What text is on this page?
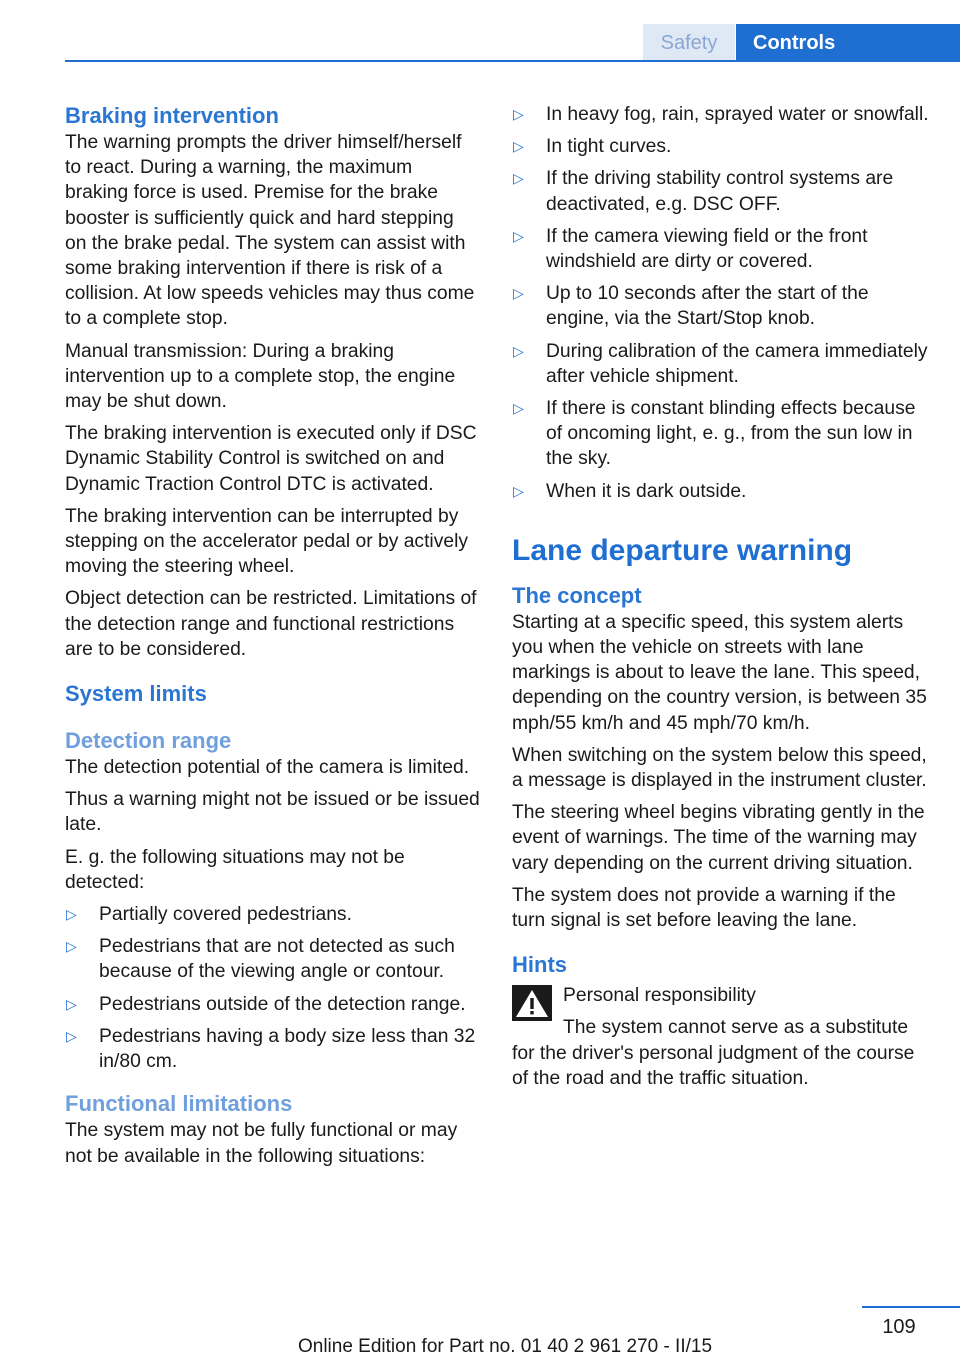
Safety	Controls
Braking intervention
The warning prompts the driver himself/herself to react. During a warning, the maximum braking force is used. Premise for the brake booster is sufficiently quick and hard stepping on the brake pedal. The system can assist with some braking intervention if there is risk of a collision. At low speeds vehicles may thus come to a complete stop.
Manual transmission: During a braking intervention up to a complete stop, the engine may be shut down.
The braking intervention is executed only if DSC Dynamic Stability Control is switched on and Dynamic Traction Control DTC is activated.
The braking intervention can be interrupted by stepping on the accelerator pedal or by actively moving the steering wheel.
Object detection can be restricted. Limitations of the detection range and functional restrictions are to be considered.
System limits
Detection range
The detection potential of the camera is limited.
Thus a warning might not be issued or be issued late.
E. g. the following situations may not be detected:
▷ Partially covered pedestrians.
▷ Pedestrians that are not detected as such because of the viewing angle or contour.
▷ Pedestrians outside of the detection range.
▷ Pedestrians having a body size less than 32 in/80 cm.
Functional limitations
The system may not be fully functional or may not be available in the following situations:
▷ In heavy fog, rain, sprayed water or snowfall.
▷ In tight curves.
▷ If the driving stability control systems are deactivated, e.g. DSC OFF.
▷ If the camera viewing field or the front windshield are dirty or covered.
▷ Up to 10 seconds after the start of the engine, via the Start/Stop knob.
▷ During calibration of the camera immediately after vehicle shipment.
▷ If there is constant blinding effects because of oncoming light, e. g., from the sun low in the sky.
▷ When it is dark outside.
Lane departure warning
The concept
Starting at a specific speed, this system alerts you when the vehicle on streets with lane markings is about to leave the lane. This speed, depending on the country version, is between 35 mph/55 km/h and 45 mph/70 km/h.
When switching on the system below this speed, a message is displayed in the instrument cluster.
The steering wheel begins vibrating gently in the event of warnings. The time of the warning may vary depending on the current driving situation.
The system does not provide a warning if the turn signal is set before leaving the lane.
Hints
Personal responsibility
The system cannot serve as a substitute for the driver's personal judgment of the course of the road and the traffic situation.
109
Online Edition for Part no. 01 40 2 961 270 - II/15
